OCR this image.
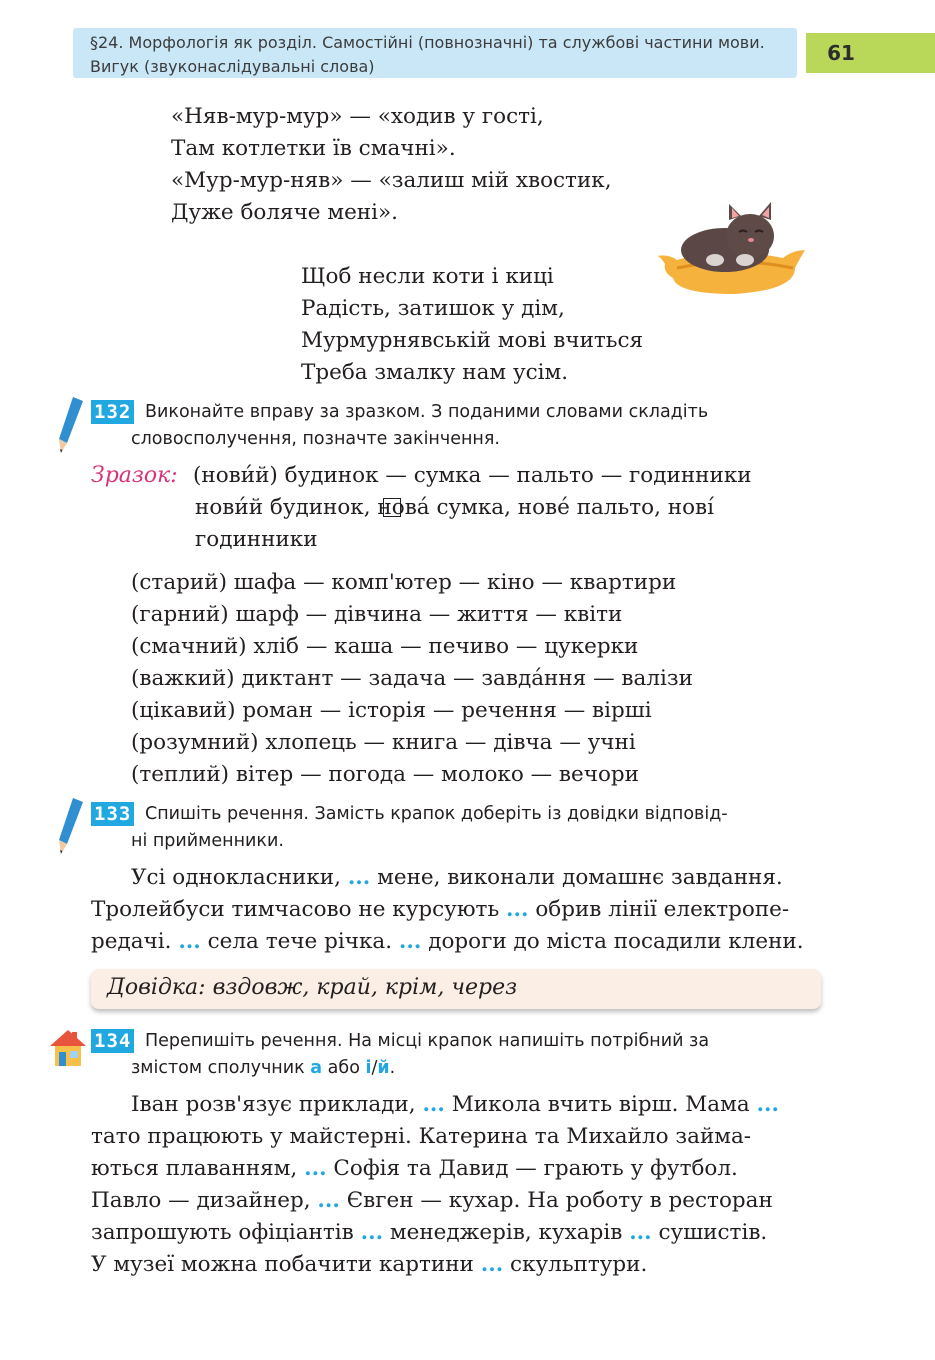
§24. Морфологія як розділ. Самостійні (повнозначні) та службові частини мови.
Вигук (звуконаслідувальні слова)
61
«Няв-мур-мур» — «ходив у гості,
Там котлетки їв смачні».
«Мур-мур-няв» — «залиш мій хвостик,
Дуже боляче мені».
Щоб несли коти і киці
Радість, затишок у дім,
Мурмурнявській мові вчиться
Треба змалку нам усім.
132 Виконайте вправу за зразком. З поданими словами складіть
словосполучення, позначте закінчення.
Зразок: (нови́й) будинок — сумка — пальто — годинники
нови́й будинок, нова́ сумка, нове́ пальто, нові́
годинники
(старий) шафа — комп'ютер — кіно — квартири
(гарний) шарф — дівчина — життя — квіти
(смачний) хліб — каша — печиво — цукерки
(важкий) диктант — задача — завда́ння — валізи
(цікавий) роман — історія — речення — вірші
(розумний) хлопець — книга — дівча — учні
(теплий) вітер — погода — молоко — вечори
133 Спишіть речення. Замість крапок доберіть із довідки відповід-
ні прийменники.
Усі однокласники, ... мене, виконали домашнє завдання.
Тролейбуси тимчасово не курсують ... обрив лінії електропе-
редачі. ... села тече річка. ... дороги до міста посадили клени.
Довідка: вздовж, край, крім, через
134 Перепишіть речення. На місці крапок напишіть потрібний за
змістом сполучник а або і/й.
Іван розв'язує приклади, ... Микола вчить вірш. Мама ...
тато працюють у майстерні. Катерина та Михайло займа-
ються плаванням, ... Софія та Давид — грають у футбол.
Павло — дизайнер, ... Євген — кухар. На роботу в ресторан
запрошують офіціантів ... менеджерів, кухарів ... сушистів.
У музеї можна побачити картини ... скульптури.
